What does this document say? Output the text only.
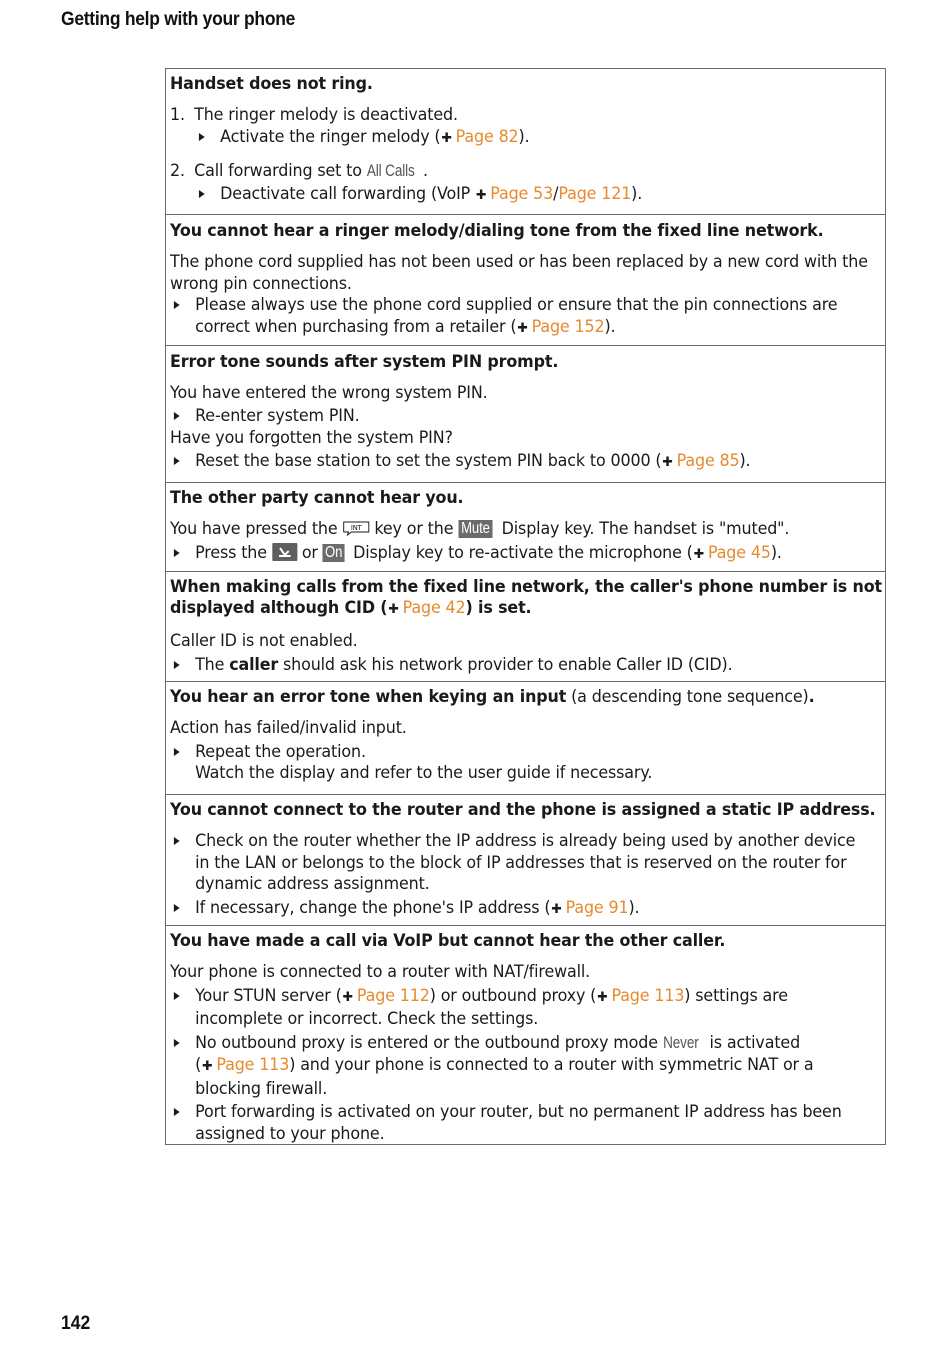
Getting help with your phone
Handset does not ring.
1. The ringer melody is deactivated.
Activate the ringer melody (✚ Page 82).
2. Call forwarding set to All Calls .
Deactivate call forwarding (VoIP ✚ Page 53/Page 121).
You cannot hear a ringer melody/dialing tone from the fixed line network.
The phone cord supplied has not been used or has been replaced by a new cord with the
wrong pin connections.
Please always use the phone cord supplied or ensure that the pin connections are
correct when purchasing from a retailer (✚ Page 152).
Error tone sounds after system PIN prompt.
You have entered the wrong system PIN.
Re-enter system PIN.
Have you forgotten the system PIN?
Reset the base station to set the system PIN back to 0000 (✚ Page 85).
The other party cannot hear you.
You have pressed the INT key or the Mute Display key. The handset is "muted".
Press the  or On Display key to re-activate the microphone (✚ Page 45).
When making calls from the fixed line network, the caller's phone number is not
displayed although CID (✚ Page 42) is set.
Caller ID is not enabled.
The caller should ask his network provider to enable Caller ID (CID).
You hear an error tone when keying an input (a descending tone sequence).
Action has failed/invalid input.
Repeat the operation.
Watch the display and refer to the user guide if necessary.
You cannot connect to the router and the phone is assigned a static IP address.
Check on the router whether the IP address is already being used by another device
in the LAN or belongs to the block of IP addresses that is reserved on the router for
dynamic address assignment.
If necessary, change the phone's IP address (✚ Page 91).
You have made a call via VoIP but cannot hear the other caller.
Your phone is connected to a router with NAT/firewall.
Your STUN server (✚ Page 112) or outbound proxy (✚ Page 113) settings are
incomplete or incorrect. Check the settings.
No outbound proxy is entered or the outbound proxy mode Never is activated
(✚ Page 113) and your phone is connected to a router with symmetric NAT or a
blocking firewall.
Port forwarding is activated on your router, but no permanent IP address has been
assigned to your phone.
142
